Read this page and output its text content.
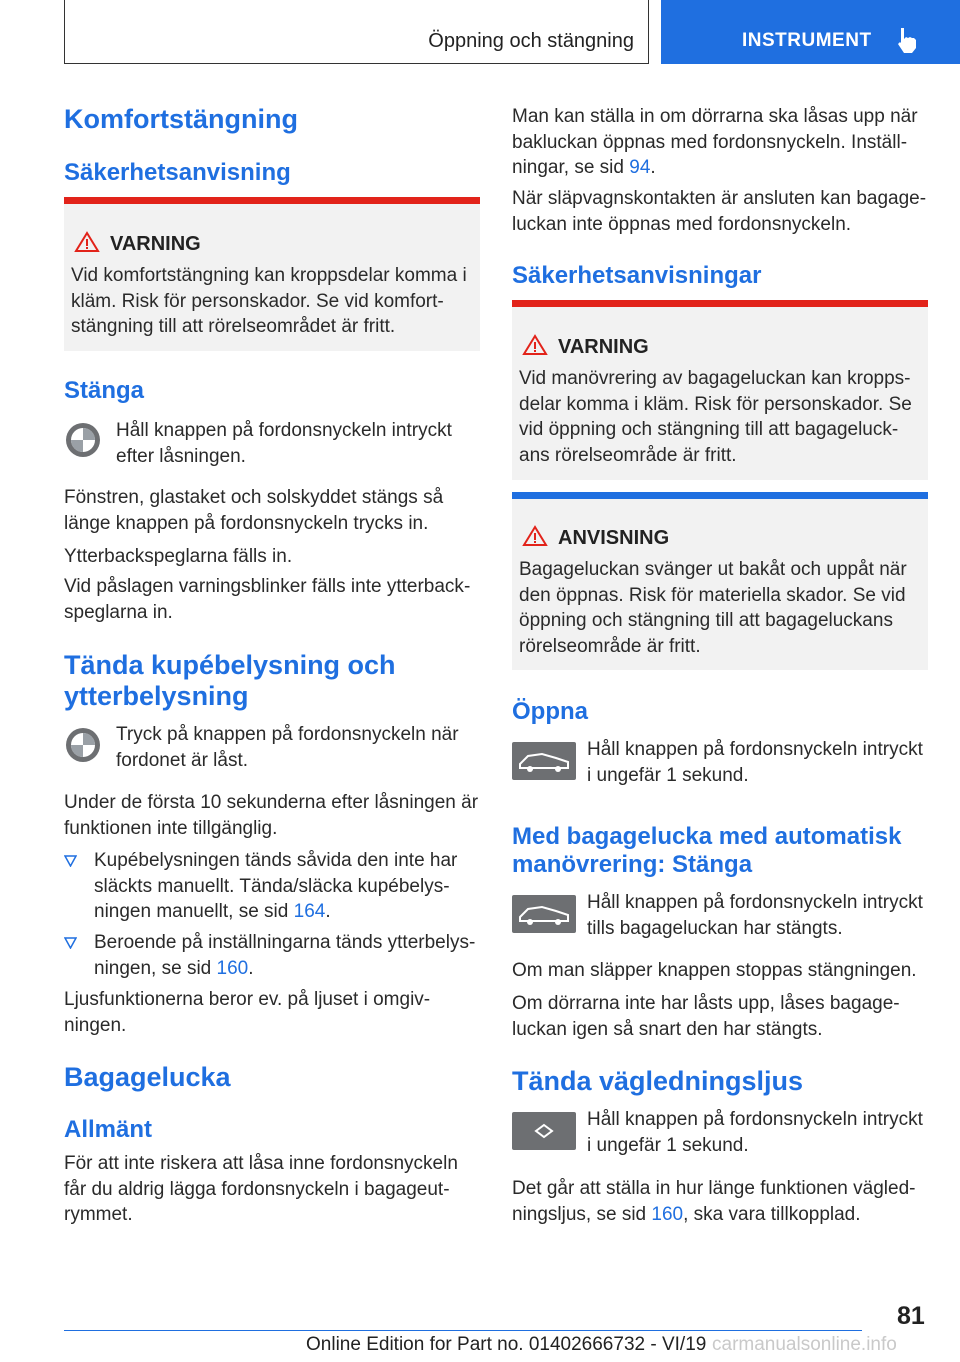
Öppning och stängning	INSTRUMENT
Komfortstängning
Säkerhetsanvisning
VARNING
Vid komfortstängning kan kroppsdelar komma i kläm. Risk för personskador. Se vid komfortstängning till att rörelseområdet är fritt.
Stänga
Håll knappen på fordonsnyckeln intryckt efter låsningen.
Fönstren, glastaket och solskyddet stängs så länge knappen på fordonsnyckeln trycks in.
Ytterbackspeglarna fälls in.
Vid påslagen varningsblinker fälls inte ytterbackspeglarna in.
Tända kupébelysning och ytterbelysning
Tryck på knappen på fordonsnyckeln när fordonet är låst.
Under de första 10 sekunderna efter låsningen är funktionen inte tillgänglig.
Kupébelysningen tänds såvida den inte har släckts manuellt. Tända/släcka kupébelysningen manuellt, se sid 164.
Beroende på inställningarna tänds ytterbelysningen, se sid 160.
Ljusfunktionerna beror ev. på ljuset i omgivningen.
Bagagelucka
Allmänt
För att inte riskera att låsa inne fordonsnyckeln får du aldrig lägga fordonsnyckeln i bagageutrymmet.
Man kan ställa in om dörrarna ska låsas upp när bakluckan öppnas med fordonsnyckeln. Inställningar, se sid 94.
När släpvagnskontakten är ansluten kan bagageluckan inte öppnas med fordonsnyckeln.
Säkerhetsanvisningar
VARNING
Vid manövrering av bagageluckan kan kroppsdelar komma i kläm. Risk för personskador. Se vid öppning och stängning till att bagageluckans rörelseområde är fritt.
ANVISNING
Bagageluckan svänger ut bakåt och uppåt när den öppnas. Risk för materiella skador. Se vid öppning och stängning till att bagageluckans rörelseområde är fritt.
Öppna
Håll knappen på fordonsnyckeln intryckt i ungefär 1 sekund.
Med bagagelucka med automatisk manövrering: Stänga
Håll knappen på fordonsnyckeln intryckt tills bagageluckan har stängts.
Om man släpper knappen stoppas stängningen.
Om dörrarna inte har låsts upp, låses bagageluckan igen så snart den har stängts.
Tända vägledningsljus
Håll knappen på fordonsnyckeln intryckt i ungefär 1 sekund.
Det går att ställa in hur länge funktionen vägledningsljus, se sid 160, ska vara tillkopplad.
81
Online Edition for Part no. 01402666732 - VI/19 carmanualsonline.info
